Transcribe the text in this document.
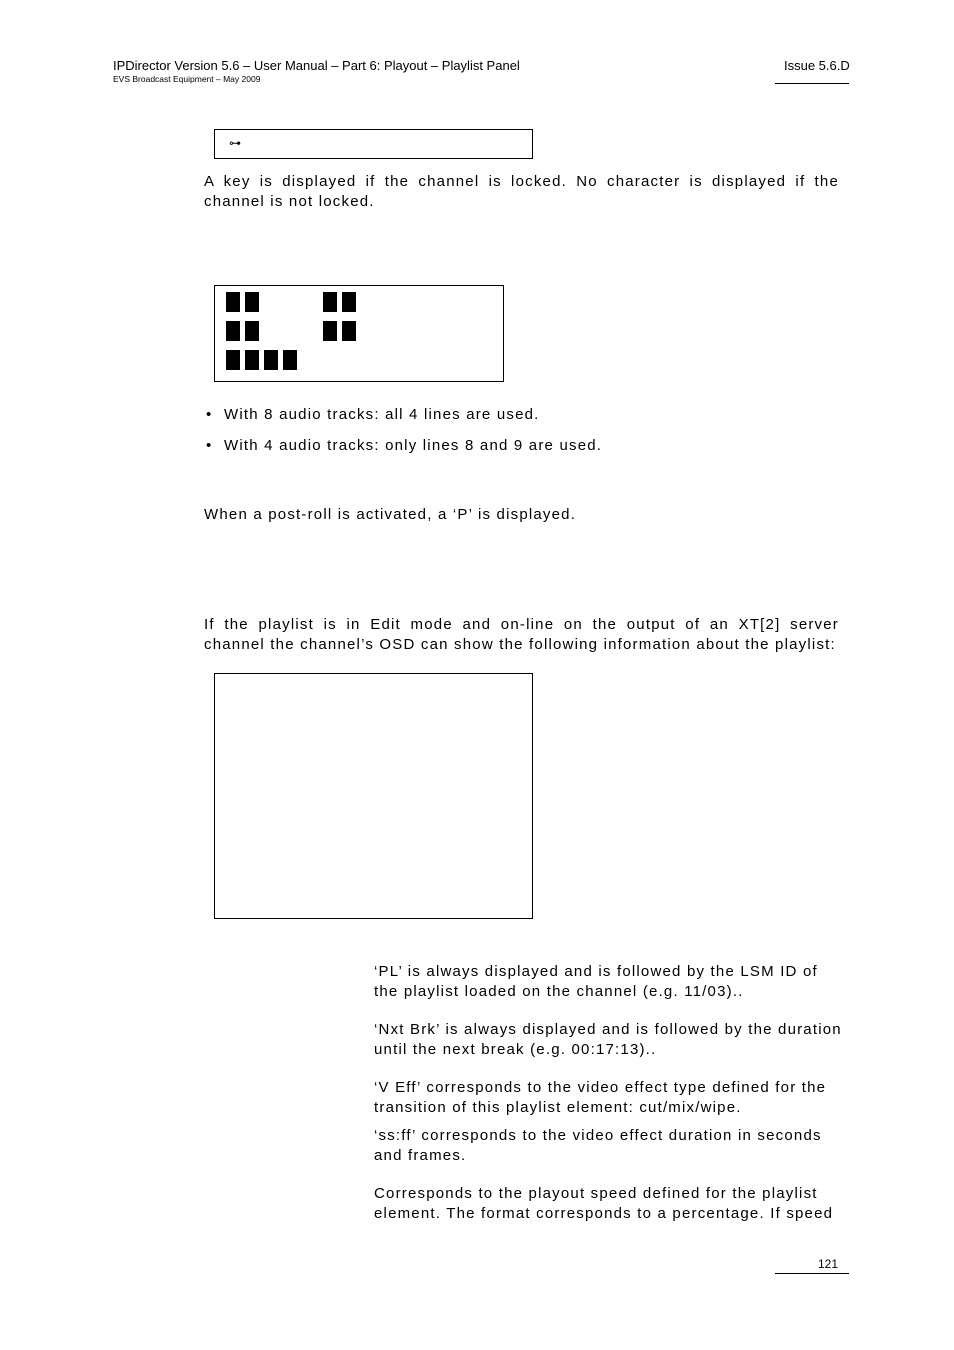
IPDirector Version 5.6 – User Manual – Part 6: Playout – Playlist Panel
EVS Broadcast Equipment – May 2009
Issue 5.6.D
⊶
A key is displayed if the channel is locked. No character is displayed if the channel is not locked.
• With 8 audio tracks: all 4 lines are used.
• With 4 audio tracks: only lines 8 and 9 are used.
When a post-roll is activated, a ‘P’ is displayed.
If the playlist is in Edit mode and on-line on the output of an XT[2] server channel the channel’s OSD can show the following information about the playlist:
‘PL’ is always displayed and is followed by the LSM ID of the playlist loaded on the channel (e.g. 11/03)..
‘Nxt Brk’ is always displayed and is followed by the duration until the next break (e.g. 00:17:13)..
‘V Eff’ corresponds to the video effect type defined for the transition of this playlist element: cut/mix/wipe.
‘ss:ff’ corresponds to the video effect duration in seconds and frames.
Corresponds to the playout speed defined for the playlist element. The format corresponds to a percentage. If speed
121
